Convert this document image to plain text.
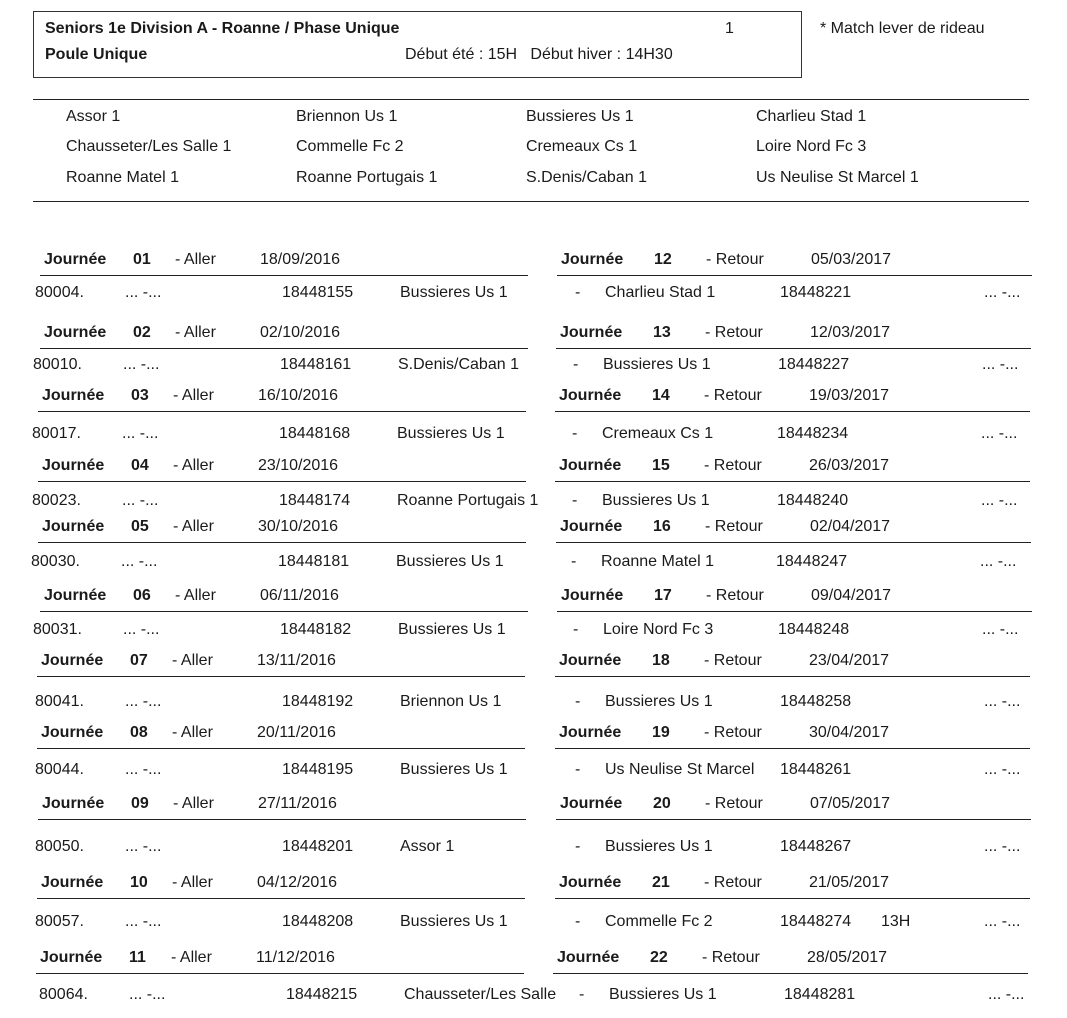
Seniors 1e Division A - Roanne / Phase Unique	1
Poule Unique	Début été : 15H   Début hiver : 14H30
* Match lever de rideau
Assor 1	Briennon Us 1	Bussieres Us 1	Charlieu Stad 1
Chausseter/Les Salle 1	Commelle Fc 2	Cremeaux Cs 1	Loire Nord Fc 3
Roanne Matel 1	Roanne Portugais 1	S.Denis/Caban 1	Us Neulise St Marcel 1
Journée 01 - Aller	18/09/2016	Journée 12 - Retour	05/03/2017
80004.	... -...	18448155	Bussieres Us 1	- Charlieu Stad 1	18448221	... -...
Journée 02 - Aller	02/10/2016	Journée 13 - Retour	12/03/2017
80010.	... -...	18448161	S.Denis/Caban 1	- Bussieres Us 1	18448227	... -...
Journée 03 - Aller	16/10/2016	Journée 14 - Retour	19/03/2017
80017.	... -...	18448168	Bussieres Us 1	- Cremeaux Cs 1	18448234	... -...
Journée 04 - Aller	23/10/2016	Journée 15 - Retour	26/03/2017
80023.	... -...	18448174	Roanne Portugais 1 - Bussieres Us 1	18448240	... -...
Journée 05 - Aller	30/10/2016	Journée 16 - Retour	02/04/2017
80030.	... -...	18448181	Bussieres Us 1	- Roanne Matel 1	18448247	... -...
Journée 06 - Aller	06/11/2016	Journée 17 - Retour	09/04/2017
80031.	... -...	18448182	Bussieres Us 1	- Loire Nord Fc 3	18448248	... -...
Journée 07 - Aller	13/11/2016	Journée 18 - Retour	23/04/2017
80041.	... -...	18448192	Briennon Us 1	- Bussieres Us 1	18448258	... -...
Journée 08 - Aller	20/11/2016	Journée 19 - Retour	30/04/2017
80044.	... -...	18448195	Bussieres Us 1	- Us Neulise St Marcel 18448261	... -...
Journée 09 - Aller	27/11/2016	Journée 20 - Retour	07/05/2017
80050.	... -...	18448201	Assor 1	- Bussieres Us 1	18448267	... -...
Journée 10 - Aller	04/12/2016	Journée 21 - Retour	21/05/2017
80057.	... -...	18448208	Bussieres Us 1	- Commelle Fc 2	18448274 13H	... -...
Journée 11 - Aller	11/12/2016	Journée 22 - Retour	28/05/2017
80064.	... -...	18448215	Chausseter/Les Salle - Bussieres Us 1	18448281	... -...
